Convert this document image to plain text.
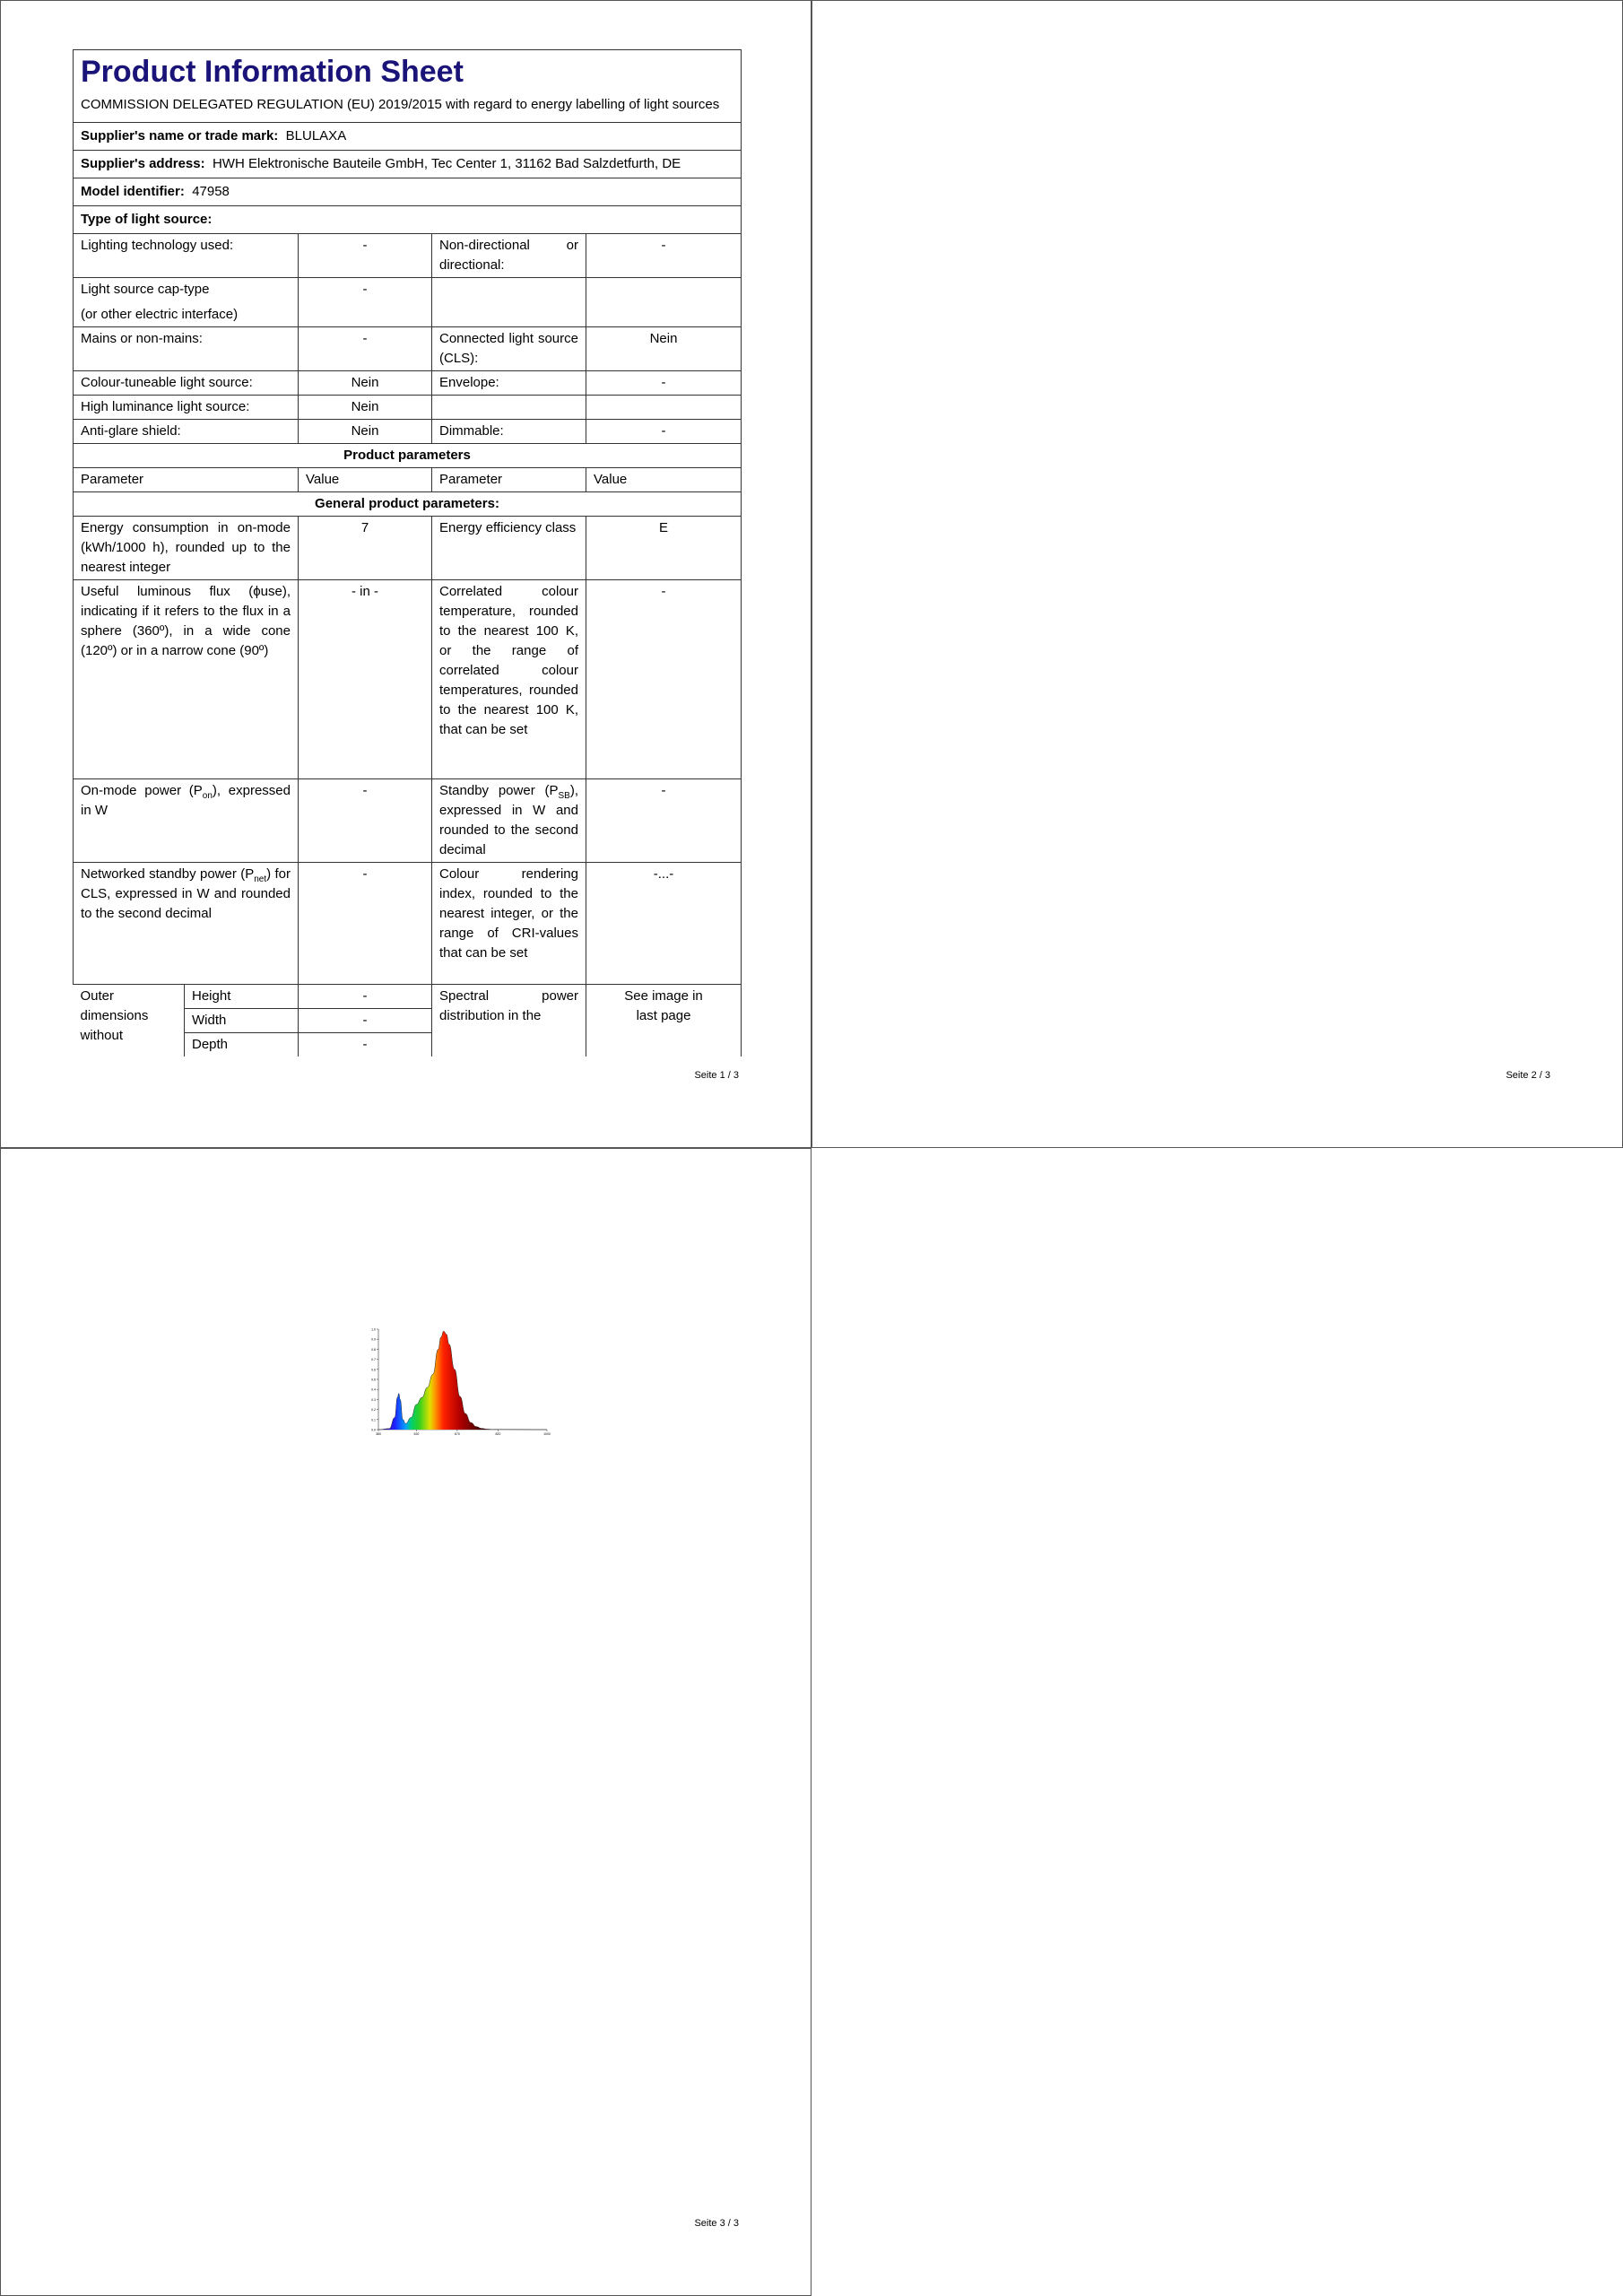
Product Information Sheet				

COMMISSION DELEGATED REGULATION (EU) 2019/2015 with regard to energy labelling of light sources				
Supplier's name or trade mark: BLULAXA				
Supplier's address: HWH Elektronische Bauteile GmbH, Tec Center 1, 31162 Bad Salzdetfurth, DE				
Model identifier: 47958				
Type of light source:				
Lighting technology used:		-	Non-directional or directional:	-

Light source cap-type
(or other electric interface)		-		
Mains or non-mains:		-	Connected light source (CLS):	Nein
Colour-tuneable light source:		Nein	Envelope:	-
High luminance light source:		Nein		
Anti-glare shield:		Nein	Dimmable:	-
Product parameters				
Parameter		Value	Parameter	Value
General product parameters:				
Energy consumption in on-mode (kWh/1000 h), rounded up to the nearest integer		7	Energy efficiency class	E
Useful luminous flux (ϕuse), indicating if it refers to the flux in a sphere (360º), in a wide cone (120º) or in a narrow cone (90º)		- in -	Correlated colour temperature, rounded to the nearest 100 K, or the range of correlated colour temperatures, rounded to the nearest 100 K, that can be set	-
On-mode power $(P_{on})$, expressed in W		-	Standby power $(P_{SB})$, expressed in W and rounded to the second decimal	-
Networked standby power $(P_{net})$ for CLS, expressed in W and rounded to the second decimal		-	Colour rendering index, rounded to the nearest integer, or the range of CRI-values that can be set	-...-
Outer dimensions without	Height	-	Spectral power distribution in the	See image in last page
	Width	-		
	Depth	-		
Seite 1 / 3

				Seite 2 / 3
Seite 3 / 3
0.0
0.1
0.2
0.3
0.4
0.5
0.6
0.7
0.8
0.9
1.0
380	520	670	820	1000
